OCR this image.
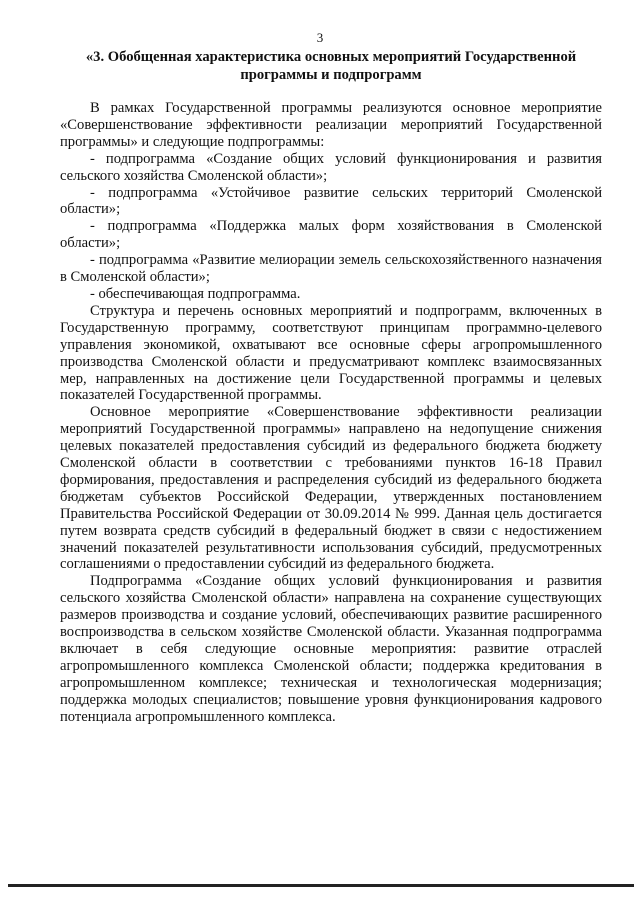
3
«3. Обобщенная характеристика основных мероприятий Государственной программы и подпрограмм

В рамках Государственной программы реализуются основное мероприятие «Совершенствование эффективности реализации мероприятий Государственной программы» и следующие подпрограммы:

- подпрограмма «Создание общих условий функционирования и развития сельского хозяйства Смоленской области»;

- подпрограмма «Устойчивое развитие сельских территорий Смоленской области»;

- подпрограмма «Поддержка малых форм хозяйствования в Смоленской области»;

- подпрограмма «Развитие мелиорации земель сельскохозяйственного назначения в Смоленской области»;

- обеспечивающая подпрограмма.

Структура и перечень основных мероприятий и подпрограмм, включенных в Государственную программу, соответствуют принципам программно-целевого управления экономикой, охватывают все основные сферы агропромышленного производства Смоленской области и предусматривают комплекс взаимосвязанных мер, направленных на достижение цели Государственной программы и целевых показателей Государственной программы.

Основное мероприятие «Совершенствование эффективности реализации мероприятий Государственной программы» направлено на недопущение снижения целевых показателей предоставления субсидий из федерального бюджета бюджету Смоленской области в соответствии с требованиями пунктов 16-18 Правил формирования, предоставления и распределения субсидий из федерального бюджета бюджетам субъектов Российской Федерации, утвержденных постановлением Правительства Российской Федерации от 30.09.2014 № 999. Данная цель достигается путем возврата средств субсидий в федеральный бюджет в связи с недостижением значений показателей результативности использования субсидий, предусмотренных соглашениями о предоставлении субсидий из федерального бюджета.

Подпрограмма «Создание общих условий функционирования и развития сельского хозяйства Смоленской области» направлена на сохранение существующих размеров производства и создание условий, обеспечивающих развитие расширенного воспроизводства в сельском хозяйстве Смоленской области. Указанная подпрограмма включает в себя следующие основные мероприятия: развитие отраслей агропромышленного комплекса Смоленской области; поддержка кредитования в агропромышленном комплексе; техническая и технологическая модернизация; поддержка молодых специалистов; повышение уровня функционирования кадрового потенциала агропромышленного комплекса.
